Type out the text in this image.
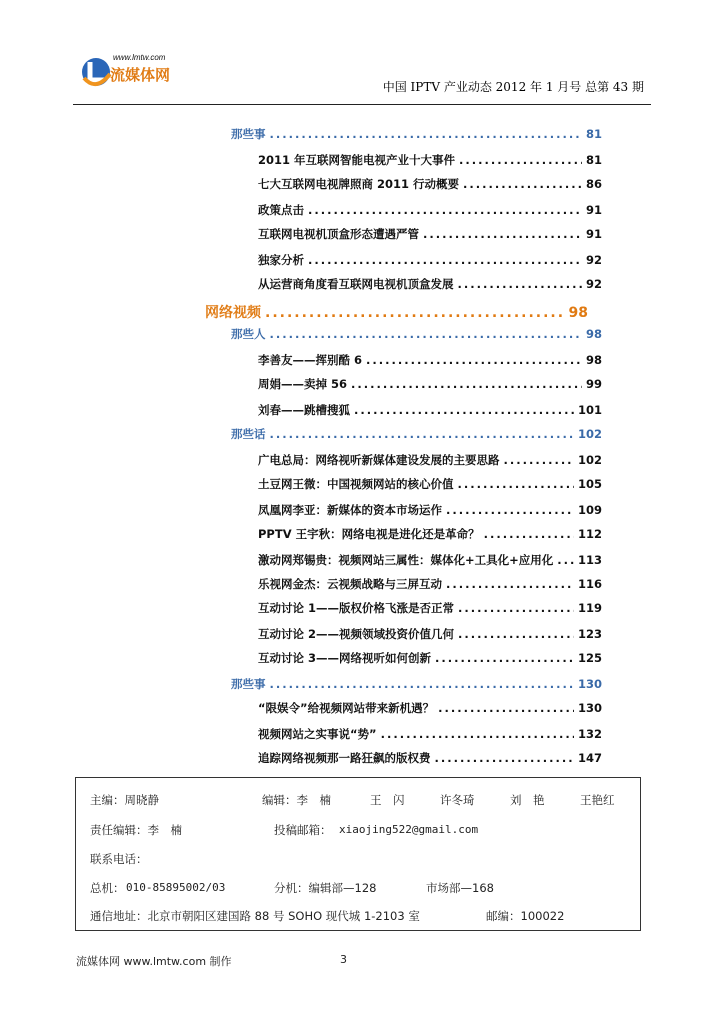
www.lmtw.com
流媒体网
中国 IPTV 产业动态 2012 年 1 月号 总第 43 期
那些事 .....	81
2011 年互联网智能电视产业十大事件 .....	81
七大互联网电视牌照商 2011 行动概要 .....	86
政策点击 .....	91
互联网电视机顶盒形态遭遇严管 .....	91
独家分析 .....	92
从运营商角度看互联网电视机顶盒发展 .....	92
网络视频 .....	98
那些人 .....	98
李善友——挥别酷 6 .....	98
周娟——卖掉 56 .....	99
刘春——跳槽搜狐 .....	101
那些话 .....	102
广电总局：网络视听新媒体建设发展的主要思路 .....	102
土豆网王微：中国视频网站的核心价值 .....	105
凤凰网李亚：新媒体的资本市场运作 .....	109
PPTV 王宇秋：网络电视是进化还是革命？ .....	112
激动网郑锡贵：视频网站三属性：媒体化+工具化+应用化 ..... 113
乐视网金杰：云视频战略与三屏互动 .....	116
互动讨论 1——版权价格飞涨是否正常 .....	119
互动讨论 2——视频领域投资价值几何 .....	123
互动讨论 3——网络视听如何创新 .....	125
那些事 .....	130
“限娱令”给视频网站带来新机遇？ .....	130
视频网站之实事说“势” .....	132
追踪网络视频那一路狂飙的版权费 .....	147
主编：周晓静	编辑：李　楠	王　闪	许冬琦	刘　艳	王艳红
责任编辑：李　楠	投稿邮箱： xiaojing522@gmail.com
联系电话：
总机： 010-85895002/03	分机：编辑部—128	市场部—168
通信地址：北京市朝阳区建国路 88 号 SOHO 现代城 1-2103 室	邮编：100022
流媒体网 www.lmtw.com 制作	3
